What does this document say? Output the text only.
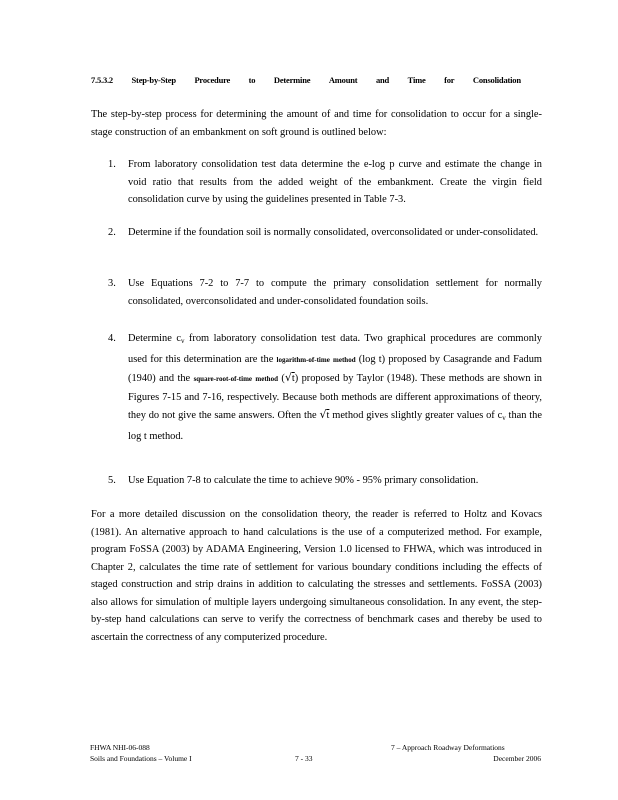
7.5.3.2 Step-by-Step Procedure to Determine Amount and Time for Consolidation
The step-by-step process for determining the amount of and time for consolidation to occur for a single-stage construction of an embankment on soft ground is outlined below:
1. From laboratory consolidation test data determine the e-log p curve and estimate the change in void ratio that results from the added weight of the embankment. Create the virgin field consolidation curve by using the guidelines presented in Table 7-3.
2. Determine if the foundation soil is normally consolidated, overconsolidated or under-consolidated.
3. Use Equations 7-2 to 7-7 to compute the primary consolidation settlement for normally consolidated, overconsolidated and under-consolidated foundation soils.
4. Determine $c_v$ from laboratory consolidation test data. Two graphical procedures are commonly used for this determination are the logarithm-of-time method (log t) proposed by Casagrande and Fadum (1940) and the square-root-of-time method (√t) proposed by Taylor (1948). These methods are shown in Figures 7-15 and 7-16, respectively. Because both methods are different approximations of theory, they do not give the same answers. Often the √t method gives slightly greater values of $c_v$ than the log t method.
5. Use Equation 7-8 to calculate the time to achieve 90% - 95% primary consolidation.
For a more detailed discussion on the consolidation theory, the reader is referred to Holtz and Kovacs (1981). An alternative approach to hand calculations is the use of a computerized method. For example, program FoSSA (2003) by ADAMA Engineering, Version 1.0 licensed to FHWA, which was introduced in Chapter 2, calculates the time rate of settlement for various boundary conditions including the effects of staged construction and strip drains in addition to calculating the stresses and settlements. FoSSA (2003) also allows for simulation of multiple layers undergoing simultaneous consolidation. In any event, the step-by-step hand calculations can serve to verify the correctness of benchmark cases and thereby be used to ascertain the correctness of any computerized procedure.
FHWA NHI-06-088
Soils and Foundations – Volume I	7 - 33
7 – Approach Roadway Deformations
December 2006
